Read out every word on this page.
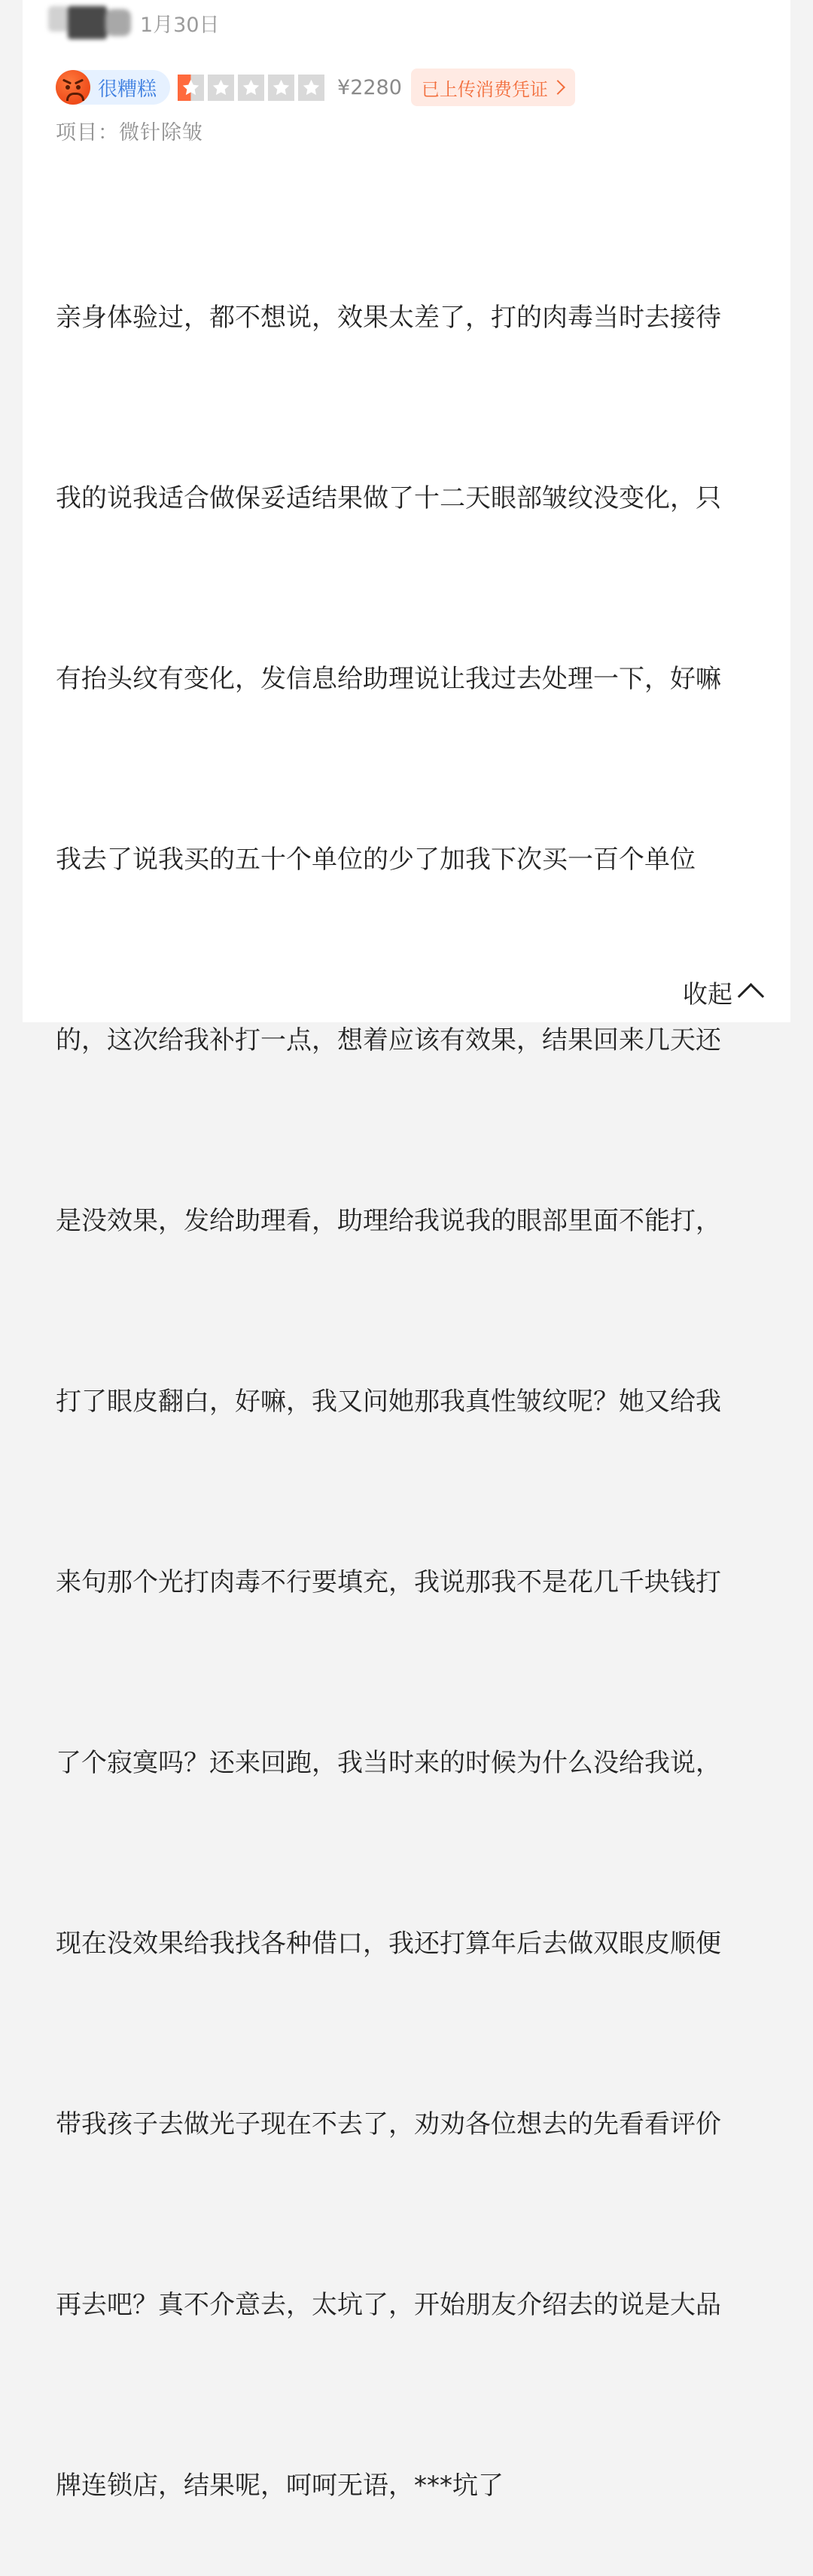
1月30日
很糟糕	¥2280 已上传消费凭证
项目：微针除皱

亲身体验过，都不想说，效果太差了，打的肉毒当时去接待

我的说我适合做保妥适结果做了十二天眼部皱纹没变化，只

有抬头纹有变化，发信息给助理说让我过去处理一下，好嘛

我去了说我买的五十个单位的少了加我下次买一百个单位

的，这次给我补打一点，想着应该有效果，结果回来几天还

是没效果，发给助理看，助理给我说我的眼部里面不能打，

打了眼皮翻白，好嘛，我又问她那我真性皱纹呢？她又给我

来句那个光打肉毒不行要填充，我说那我不是花几千块钱打

了个寂寞吗？还来回跑，我当时来的时候为什么没给我说，

现在没效果给我找各种借口，我还打算年后去做双眼皮顺便

带我孩子去做光子现在不去了，劝劝各位想去的先看看评价

再去吧？真不介意去，太坑了，开始朋友介绍去的说是大品

牌连锁店，结果呢，呵呵无语，***坑了

收起
